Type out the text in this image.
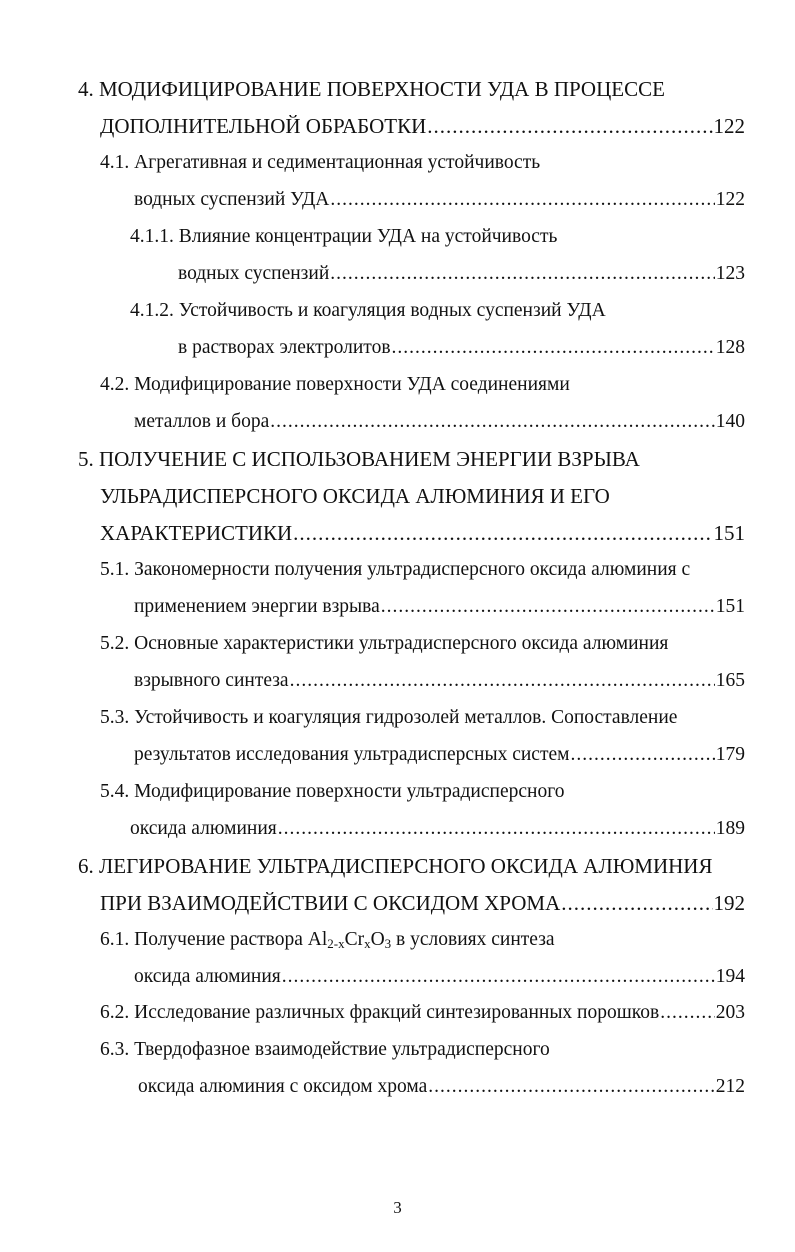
4. МОДИФИЦИРОВАНИЕ ПОВЕРХНОСТИ УДА В ПРОЦЕССЕ
ДОПОЛНИТЕЛЬНОЙ ОБРАБОТКИ .....	122
4.1. Агрегативная и седиментационная устойчивость
водных суспензий УДА .....	122
4.1.1. Влияние концентрации УДА на устойчивость
водных суспензий .....	123
4.1.2. Устойчивость и коагуляция водных суспензий УДА
в растворах электролитов .....	128
4.2. Модифицирование поверхности УДА соединениями
металлов и бора .....	140
5. ПОЛУЧЕНИЕ С ИСПОЛЬЗОВАНИЕМ ЭНЕРГИИ ВЗРЫВА
УЛЬРАДИСПЕРСНОГО ОКСИДА АЛЮМИНИЯ И ЕГО
ХАРАКТЕРИСТИКИ .....	151
5.1. Закономерности получения ультрадисперсного оксида алюминия с
применением энергии взрыва .....	151
5.2. Основные характеристики ультрадисперсного оксида алюминия
взрывного синтеза .....	165
5.3. Устойчивость и коагуляция гидрозолей металлов. Сопоставление
результатов исследования ультрадисперсных систем .....	179
5.4. Модифицирование поверхности ультрадисперсного
оксида алюминия .....	189
6. ЛЕГИРОВАНИЕ УЛЬТРАДИСПЕРСНОГО ОКСИДА АЛЮМИНИЯ
ПРИ ВЗАИМОДЕЙСТВИИ С ОКСИДОМ ХРОМА .....	192
6.1. Получение раствора $Al_{2-x}Cr_xO_3$ в условиях синтеза
оксида алюминия .....	194
6.2. Исследование различных фракций синтезированных порошков .....	203
6.3. Твердофазное взаимодействие ультрадисперсного
оксида алюминия с оксидом хрома .....	212
3
